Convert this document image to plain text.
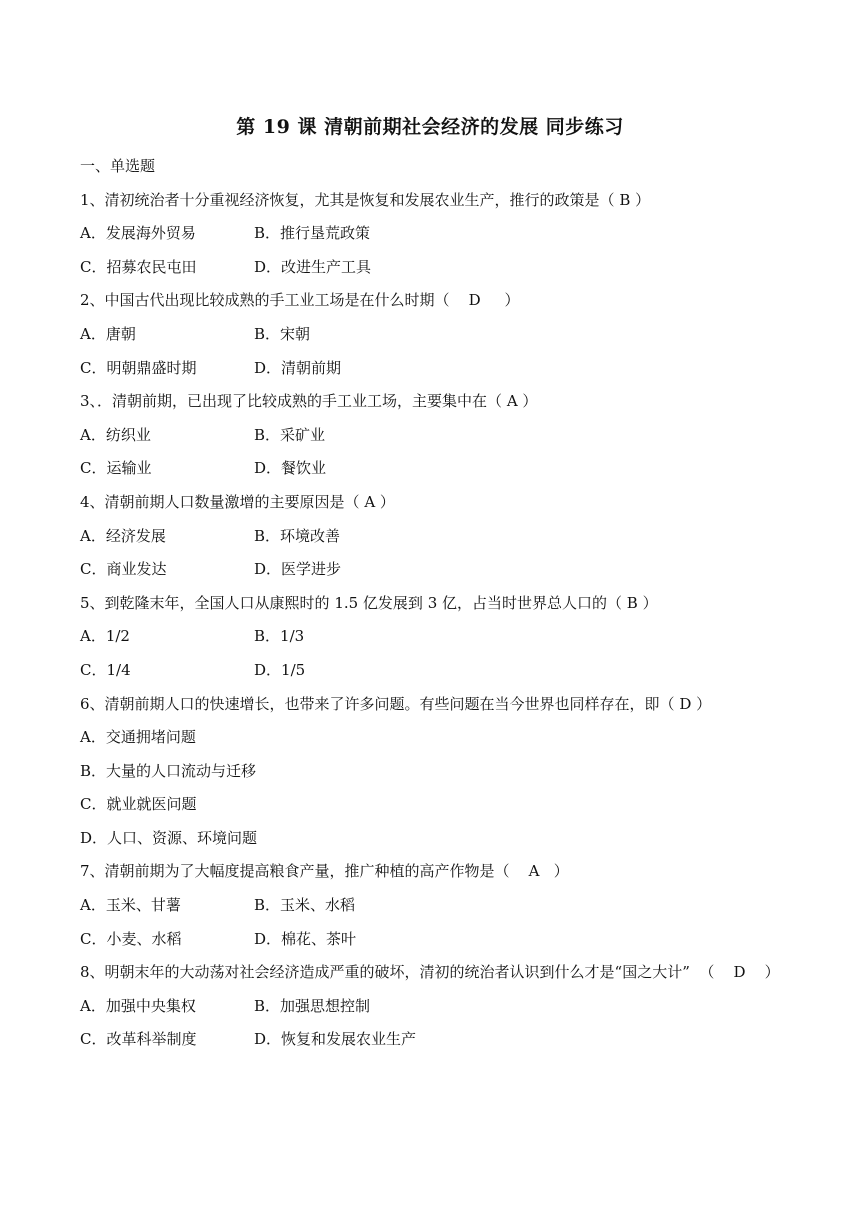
第 19 课 清朝前期社会经济的发展 同步练习
一、单选题
1、清初统治者十分重视经济恢复，尤其是恢复和发展农业生产，推行的政策是（ B ）
A．发展海外贸易	B．推行垦荒政策
C．招募农民屯田	D．改进生产工具
2、中国古代出现比较成熟的手工业工场是在什么时期（    D     ）
A．唐朝	B．宋朝
C．明朝鼎盛时期	D．清朝前期
3、．清朝前期，已出现了比较成熟的手工业工场，主要集中在（ A ）
A．纺织业	B．采矿业
C．运输业	D．餐饮业
4、清朝前期人口数量激增的主要原因是（ A ）
A．经济发展	B．环境改善
C．商业发达	D．医学进步
5、到乾隆末年，全国人口从康熙时的 1.5 亿发展到 3 亿，占当时世界总人口的（ B ）
A．1/2	B．1/3
C．1/4	D．1/5
6、清朝前期人口的快速增长，也带来了许多问题。有些问题在当今世界也同样存在，即（ D ）
A．交通拥堵问题
B．大量的人口流动与迁移
C．就业就医问题
D．人口、资源、环境问题
7、清朝前期为了大幅度提高粮食产量，推广种植的高产作物是（    A   ）
A．玉米、甘薯	B．玉米、水稻
C．小麦、水稻	D．棉花、茶叶
8、明朝末年的大动荡对社会经济造成严重的破坏，清初的统治者认识到什么才是“国之大计”  （    D    ）
A．加强中央集权	B．加强思想控制
C．改革科举制度	D．恢复和发展农业生产
